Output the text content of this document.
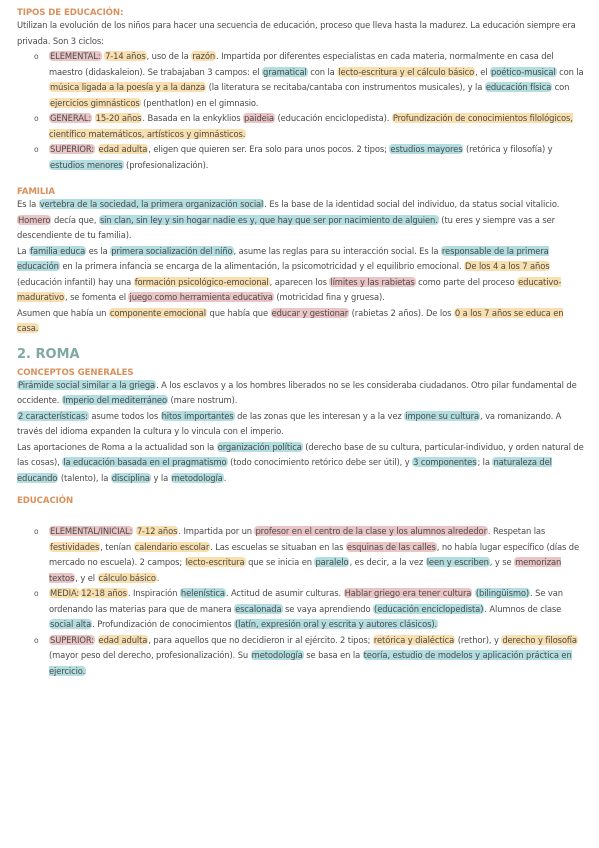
TIPOS DE EDUCACIÓN:

Utilizan la evolución de los niños para hacer una secuencia de educación, proceso que lleva hasta la madurez. La educación siempre era privada. Son 3 ciclos:

o ELEMENTAL: 7-14 años, uso de la razón. Impartida por diferentes especialistas en cada materia, normalmente en casa del maestro (didaskaleion). Se trabajaban 3 campos: el gramatical con la lecto-escritura y el cálculo básico, el poético-musical con la música ligada a la poesía y a la danza (la literatura se recitaba/cantaba con instrumentos musicales), y la educación física con ejercicios gimnásticos (penthatlon) en el gimnasio.
o GENERAL: 15-20 años. Basada en la enkyklios paideia (educación enciclopedista). Profundización de conocimientos filológicos, científico matemáticos, artísticos y gimnásticos.
o SUPERIOR: edad adulta, eligen que quieren ser. Era solo para unos pocos. 2 tipos; estudios mayores (retórica y filosofía) y estudios menores (profesionalización).
FAMILIA

Es la vertebra de la sociedad, la primera organización social. Es la base de la identidad social del individuo, da status social vitalicio. Homero decía que, sin clan, sin ley y sin hogar nadie es y, que hay que ser por nacimiento de alguien. (tu eres y siempre vas a ser descendiente de tu familia).

La familia educa es la primera socialización del niño, asume las reglas para su interacción social. Es la responsable de la primera educación en la primera infancia se encarga de la alimentación, la psicomotricidad y el equilibrio emocional. De los 4 a los 7 años (educación infantil) hay una formación psicológico-emocional, aparecen los límites y las rabietas como parte del proceso educativo-madurativo, se fomenta el juego como herramienta educativa (motricidad fina y gruesa).

Asumen que había un componente emocional que había que educar y gestionar (rabietas 2 años). De los 0 a los 7 años se educa en casa.

2. ROMA
CONCEPTOS GENERALES

Pirámide social similar a la griega. A los esclavos y a los hombres liberados no se les consideraba ciudadanos. Otro pilar fundamental de occidente. Imperio del mediterráneo (mare nostrum).

2 características: asume todos los hitos importantes de las zonas que les interesan y a la vez impone su cultura, va romanizando. A través del idioma expanden la cultura y lo vincula con el imperio.

Las aportaciones de Roma a la actualidad son la organización política (derecho base de su cultura, particular-individuo, y orden natural de las cosas), la educación basada en el pragmatismo (todo conocimiento retórico debe ser útil), y 3 componentes; la naturaleza del educando (talento), la disciplina y la metodología.

EDUCACIÓN
o ELEMENTAL/INICIAL: 7-12 años. Impartida por un profesor en el centro de la clase y los alumnos alrededor. Respetan las festividades, tenían calendario escolar. Las escuelas se situaban en las esquinas de las calles, no había lugar específico (días de mercado no escuela). 2 campos; lecto-escritura que se inicia en paralelo, es decir, a la vez leen y escriben, y se memorizan textos, y el cálculo básico.
o MEDIA: 12-18 años. Inspiración helenística. Actitud de asumir culturas. Hablar griego era tener cultura (bilingüismo). Se van ordenando las materias para que de manera escalonada se vaya aprendiendo (educación enciclopedista). Alumnos de clase social alta. Profundización de conocimientos (latín, expresión oral y escrita y autores clásicos).
o SUPERIOR: edad adulta, para aquellos que no decidieron ir al ejército. 2 tipos; retórica y dialéctica (rethor), y derecho y filosofía (mayor peso del derecho, profesionalización). Su metodología se basa en la teoría, estudio de modelos y aplicación práctica en ejercicio.
